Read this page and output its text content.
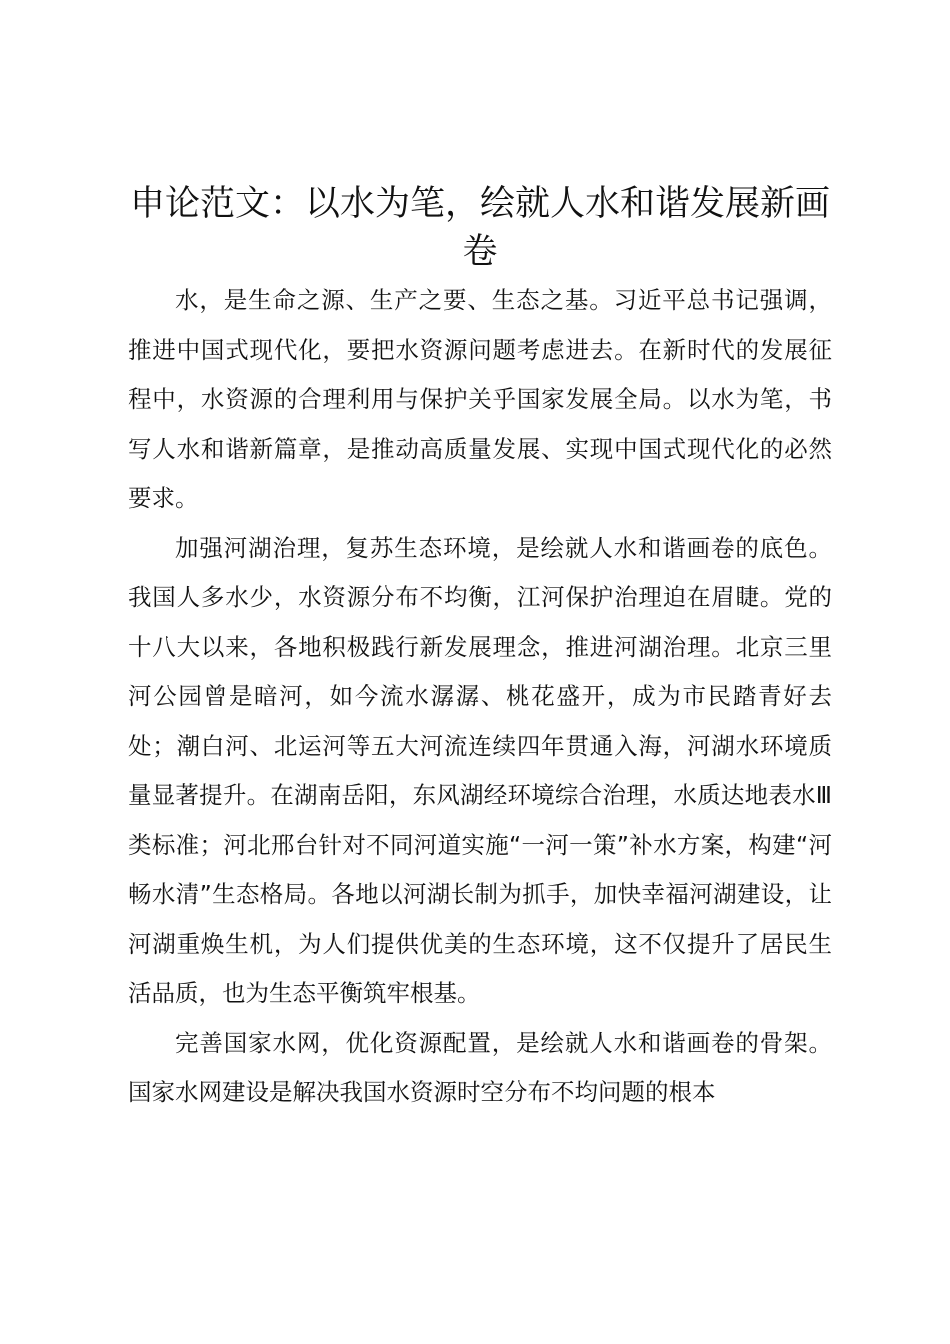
申论范文：以水为笔，绘就人水和谐发展新画卷

水，是生命之源、生产之要、生态之基。习近平总书记强调，推进中国式现代化，要把水资源问题考虑进去。在新时代的发展征程中，水资源的合理利用与保护关乎国家发展全局。以水为笔，书写人水和谐新篇章，是推动高质量发展、实现中国式现代化的必然要求。

加强河湖治理，复苏生态环境，是绘就人水和谐画卷的底色。我国人多水少，水资源分布不均衡，江河保护治理迫在眉睫。党的十八大以来，各地积极践行新发展理念，推进河湖治理。北京三里河公园曾是暗河，如今流水潺潺、桃花盛开，成为市民踏青好去处；潮白河、北运河等五大河流连续四年贯通入海，河湖水环境质量显著提升。在湖南岳阳，东风湖经环境综合治理，水质达地表水Ⅲ类标准；河北邢台针对不同河道实施“一河一策”补水方案，构建“河畅水清”生态格局。各地以河湖长制为抓手，加快幸福河湖建设，让河湖重焕生机，为人们提供优美的生态环境，这不仅提升了居民生活品质，也为生态平衡筑牢根基。

完善国家水网，优化资源配置，是绘就人水和谐画卷的骨架。国家水网建设是解决我国水资源时空分布不均问题的根本
